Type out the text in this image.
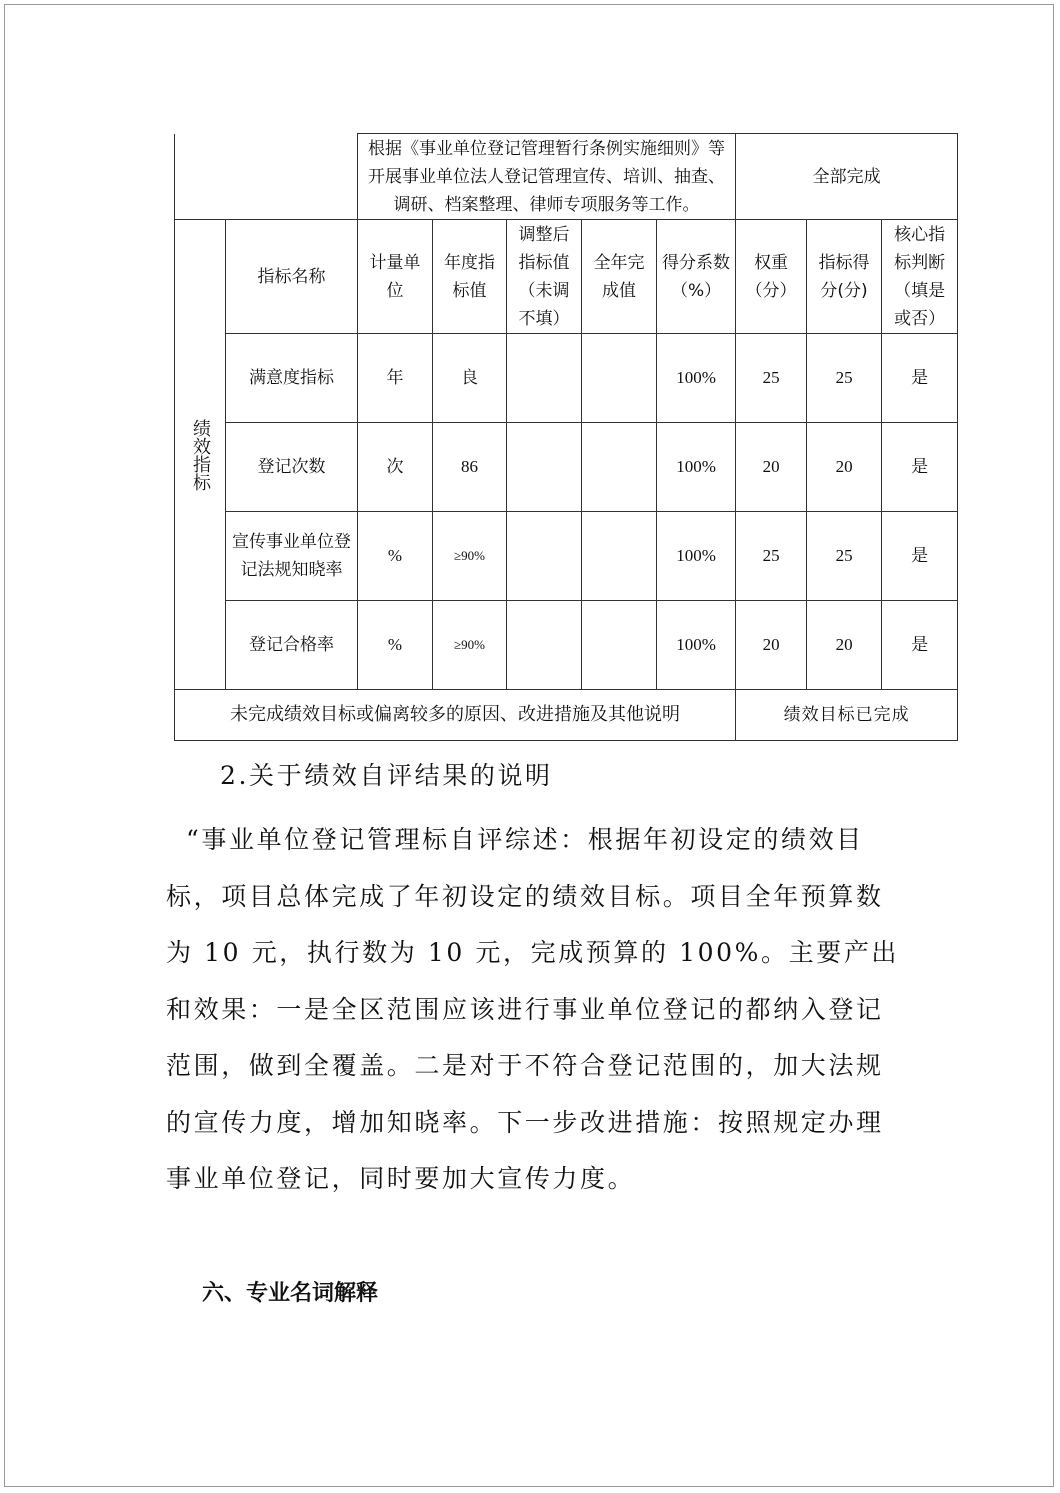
		根据《事业单位登记管理暂行条例实施细则》等开展事业单位法人登记管理宣传、培训、抽查、调研、档案整理、律师专项服务等工作。					全部完成		

绩效指标	指标名称	计量单位	年度指标值	调整后指标值（未调不填）	全年完成值	得分系数（%）	权重（分）	指标得分(分)	核心指标判断（填是或否）
	满意度指标	年	良			100%	25	25	是
	登记次数	次	86			100%	20	20	是
	宣传事业单位登记法规知晓率	%	≥90%			100%	25	25	是
	登记合格率	%	≥90%			100%	20	20	是
未完成绩效目标或偏离较多的原因、改进措施及其他说明							绩效目标已完成		
2.关于绩效自评结果的说明
“事业单位登记管理标自评综述：根据年初设定的绩效目标，项目总体完成了年初设定的绩效目标。项目全年预算数为 10 元，执行数为 10 元，完成预算的 100%。主要产出和效果：一是全区范围应该进行事业单位登记的都纳入登记范围，做到全覆盖。二是对于不符合登记范围的，加大法规的宣传力度，增加知晓率。下一步改进措施：按照规定办理事业单位登记，同时要加大宣传力度。
六、专业名词解释
